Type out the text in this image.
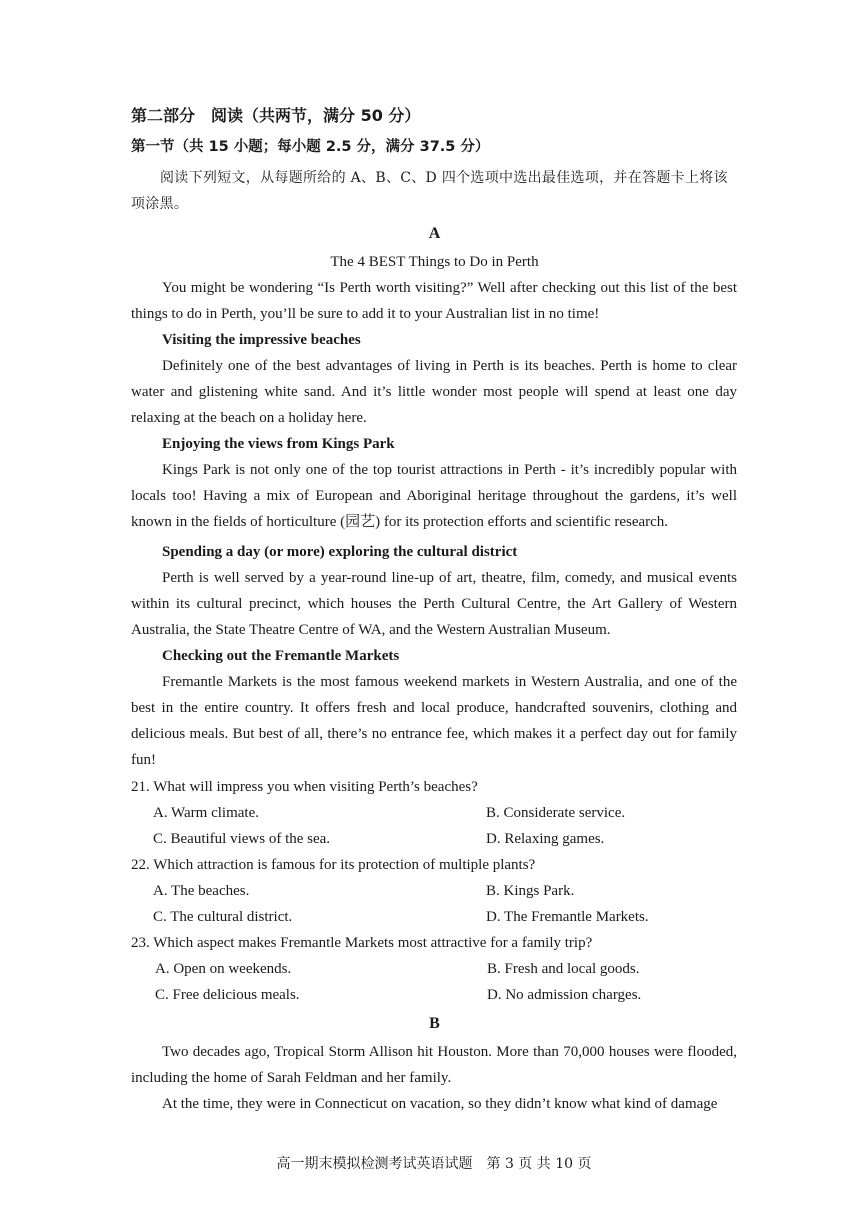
第二部分　阅读（共两节，满分 50 分）
第一节（共 15 小题；每小题 2.5 分，满分 37.5 分）
阅读下列短文，从每题所给的 A、B、C、D 四个选项中选出最佳选项，并在答题卡上将该项涂黑。
A
The 4 BEST Things to Do in Perth
You might be wondering “Is Perth worth visiting?” Well after checking out this list of the best things to do in Perth, you’ll be sure to add it to your Australian list in no time!
Visiting the impressive beaches
Definitely one of the best advantages of living in Perth is its beaches. Perth is home to clear water and glistening white sand. And it’s little wonder most people will spend at least one day relaxing at the beach on a holiday here.
Enjoying the views from Kings Park
Kings Park is not only one of the top tourist attractions in Perth - it’s incredibly popular with locals too! Having a mix of European and Aboriginal heritage throughout the gardens, it’s well known in the fields of horticulture (园艺) for its protection efforts and scientific research.
Spending a day (or more) exploring the cultural district
Perth is well served by a year-round line-up of art, theatre, film, comedy, and musical events within its cultural precinct, which houses the Perth Cultural Centre, the Art Gallery of Western Australia, the State Theatre Centre of WA, and the Western Australian Museum.
Checking out the Fremantle Markets
Fremantle Markets is the most famous weekend markets in Western Australia, and one of the best in the entire country. It offers fresh and local produce, handcrafted souvenirs, clothing and delicious meals. But best of all, there’s no entrance fee, which makes it a perfect day out for family fun!
21. What will impress you when visiting Perth’s beaches?
A. Warm climate.	B. Considerate service.
C. Beautiful views of the sea.	D. Relaxing games.
22. Which attraction is famous for its protection of multiple plants?
A. The beaches.	B. Kings Park.
C. The cultural district.	D. The Fremantle Markets.
23. Which aspect makes Fremantle Markets most attractive for a family trip?
A. Open on weekends.	B. Fresh and local goods.
C. Free delicious meals.	D. No admission charges.
B
Two decades ago, Tropical Storm Allison hit Houston. More than 70,000 houses were flooded, including the home of Sarah Feldman and her family.
At the time, they were in Connecticut on vacation, so they didn’t know what kind of damage
高一期末模拟检测考试英语试题　第 3 页 共 10 页
